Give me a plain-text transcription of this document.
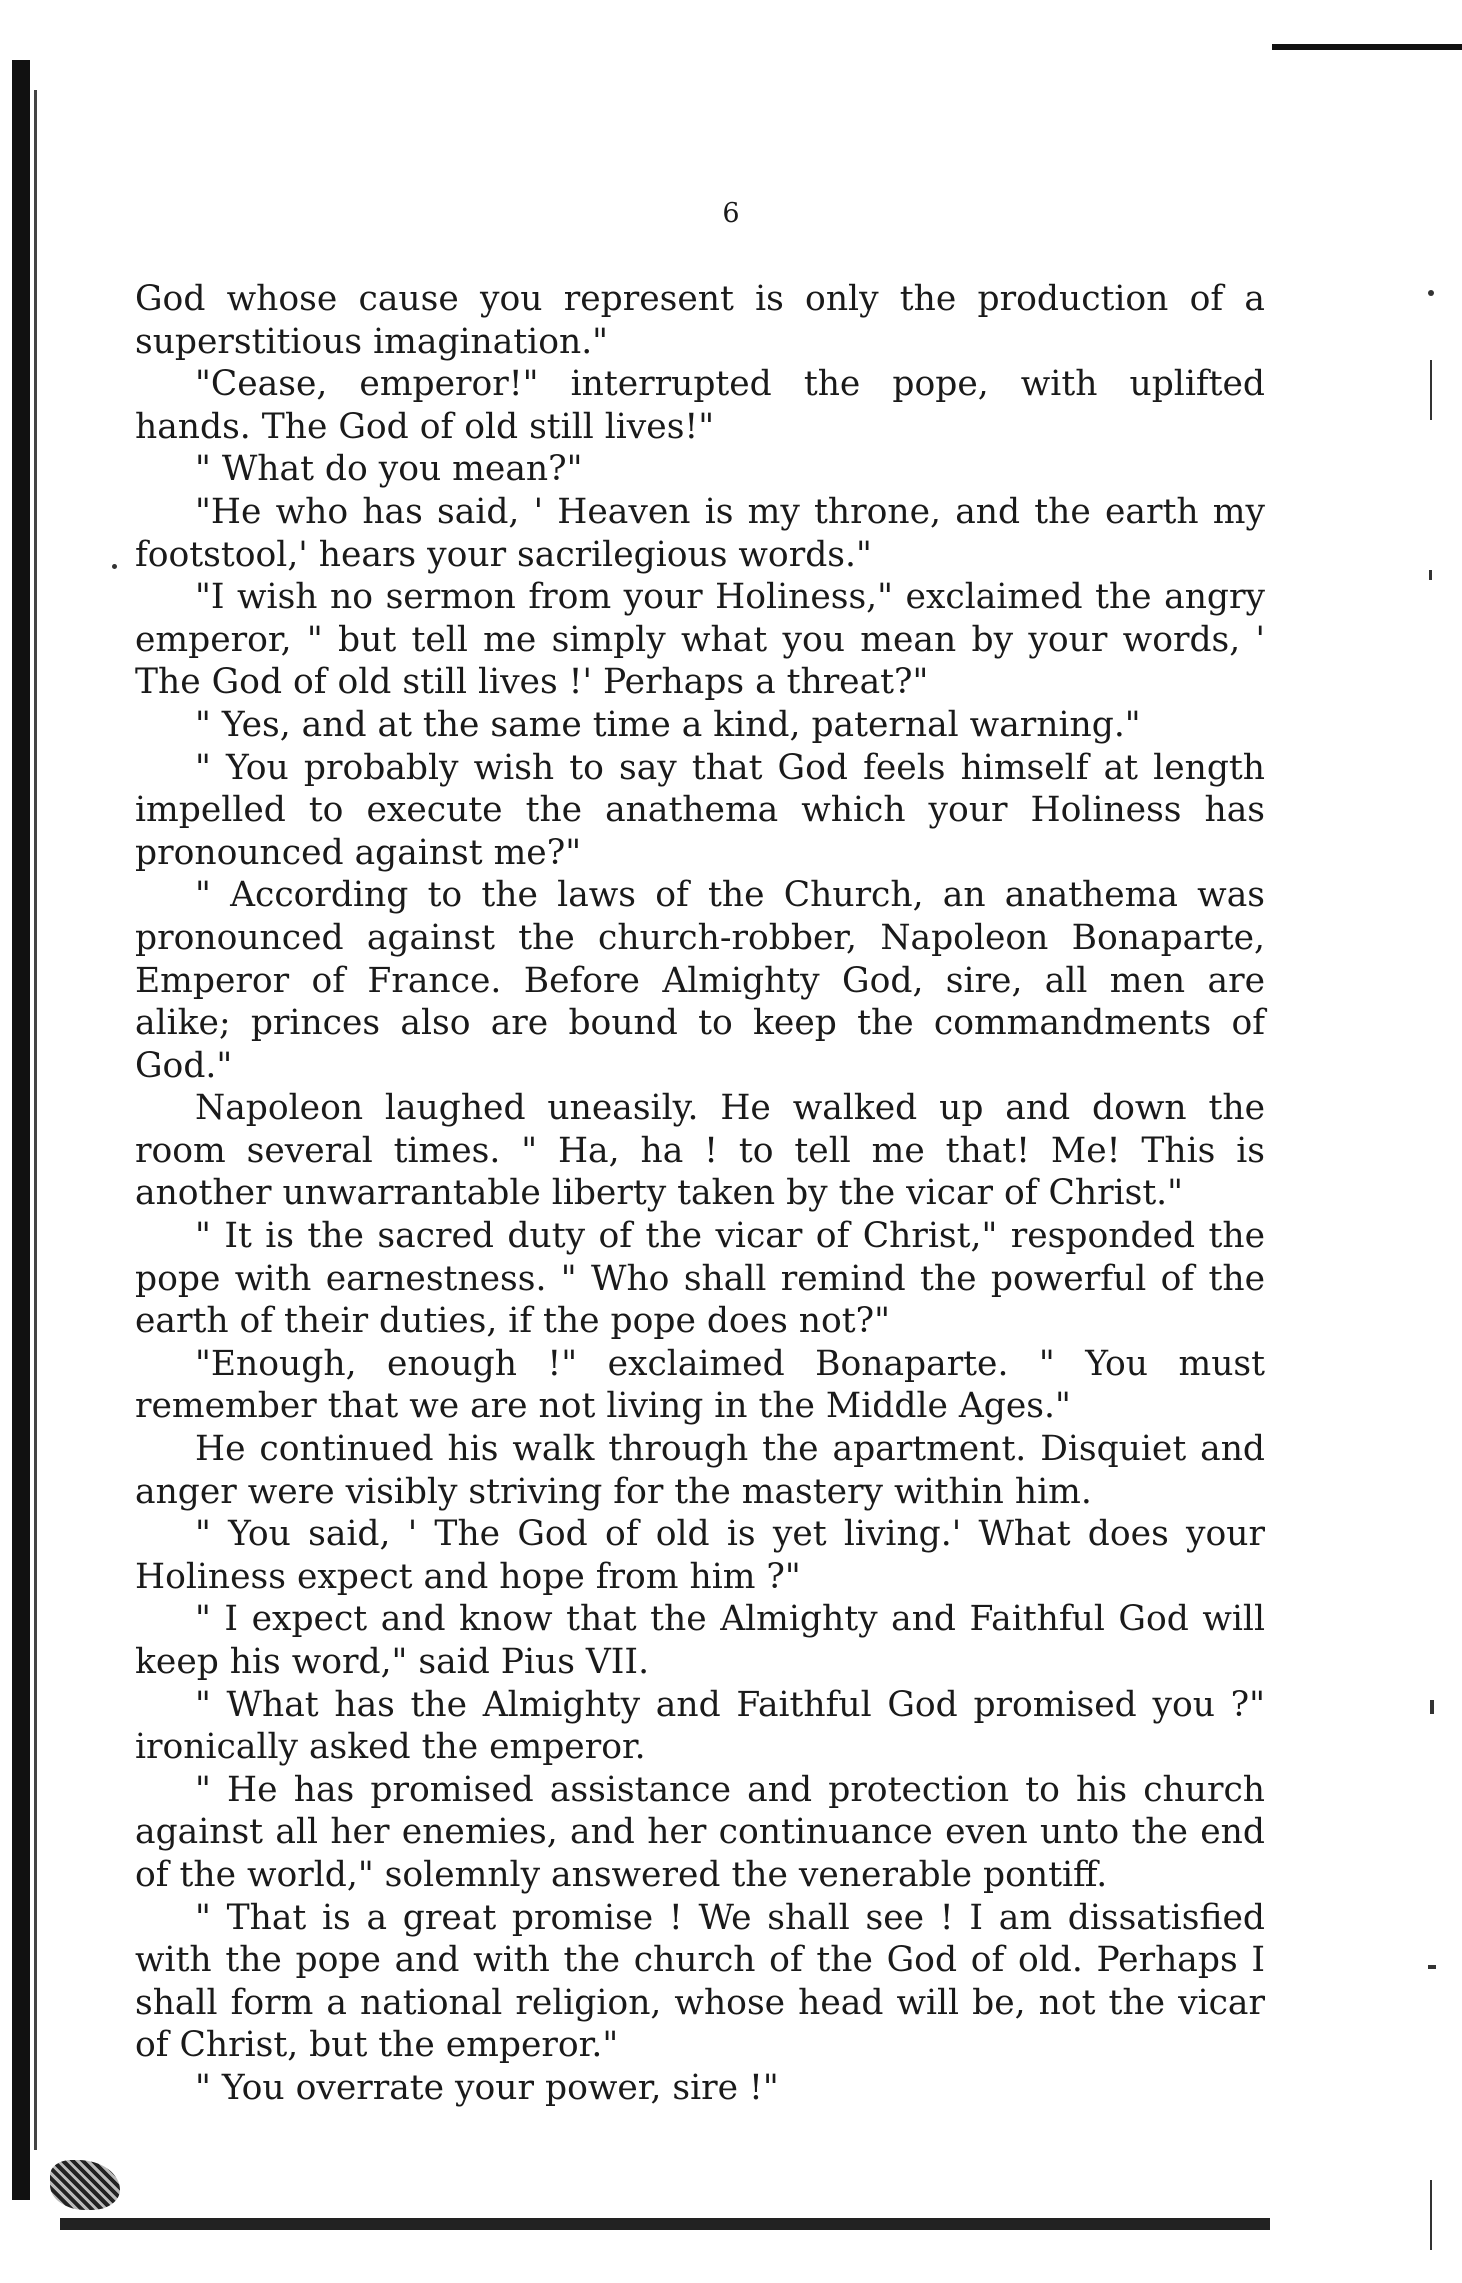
6

God whose cause you represent is only the production of a superstitious imagination."

"Cease, emperor!" interrupted the pope, with uplifted hands. The God of old still lives!"

" What do you mean?"

"He who has said, ' Heaven is my throne, and the earth my footstool,' hears your sacrilegious words."

"I wish no sermon from your Holiness," exclaimed the angry emperor, " but tell me simply what you mean by your words, ' The God of old still lives !' Perhaps a threat?"

" Yes, and at the same time a kind, paternal warning."

" You probably wish to say that God feels himself at length impelled to execute the anathema which your Holiness has pronounced against me?"

" According to the laws of the Church, an anathema was pronounced against the church-robber, Napoleon Bonaparte, Emperor of France. Before Almighty God, sire, all men are alike; princes also are bound to keep the commandments of God."

Napoleon laughed uneasily. He walked up and down the room several times. " Ha, ha ! to tell me that! Me! This is another unwarrantable liberty taken by the vicar of Christ."

" It is the sacred duty of the vicar of Christ," responded the pope with earnestness. " Who shall remind the powerful of the earth of their duties, if the pope does not?"

"Enough, enough !" exclaimed Bonaparte. " You must remember that we are not living in the Middle Ages."

He continued his walk through the apartment. Disquiet and anger were visibly striving for the mastery within him.

" You said, ' The God of old is yet living.' What does your Holiness expect and hope from him ?"

" I expect and know that the Almighty and Faithful God will keep his word," said Pius VII.

" What has the Almighty and Faithful God promised you ?" ironically asked the emperor.

" He has promised assistance and protection to his church against all her enemies, and her continuance even unto the end of the world," solemnly answered the venerable pontiff.

" That is a great promise ! We shall see ! I am dissatisfied with the pope and with the church of the God of old. Perhaps I shall form a national religion, whose head will be, not the vicar of Christ, but the emperor."

" You overrate your power, sire !"
